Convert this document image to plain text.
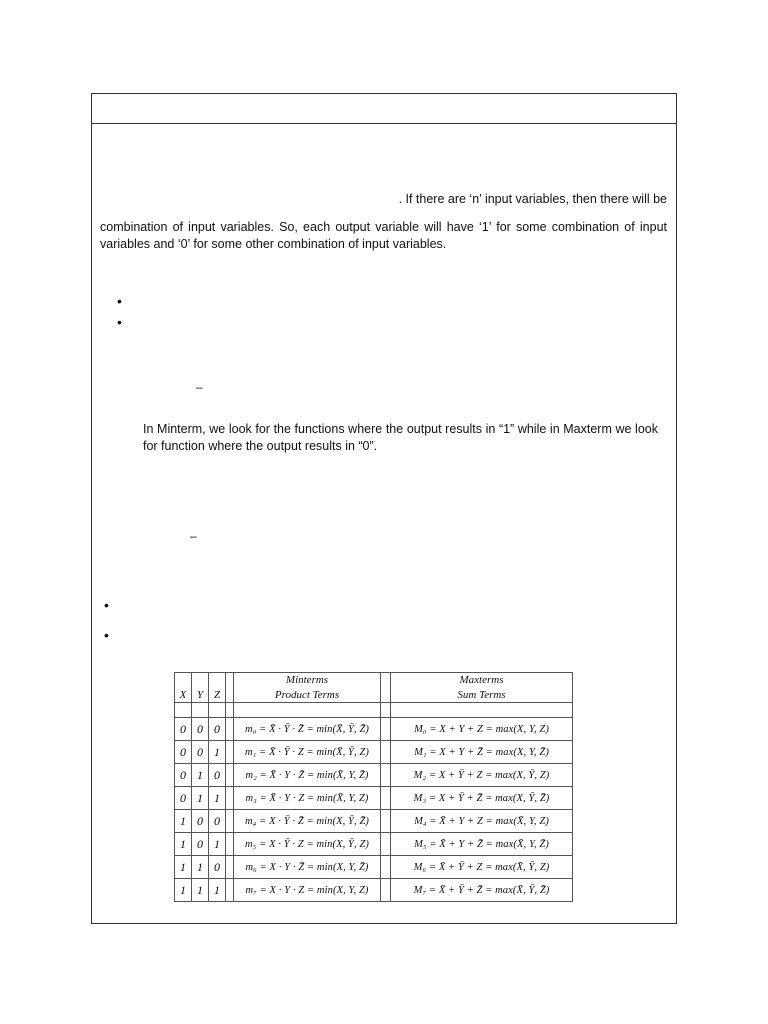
. If there are ‘n’ input variables, then there will be

combination of input variables. So, each output variable will have ‘1’ for some combination of input variables and ‘0’ for some other combination of input variables.

•
•
–

In Minterm, we look for the functions where the output results in “1” while in Maxterm we look for function where the output results in “0”.

–
•
•
				Minterms		Maxterms
X	Y	Z		Product Terms		Sum Terms

0	0	0		m₀ = X̄ · Ȳ · Z̄ = min(X̄, Ȳ, Z̄)		M₀ = X + Y + Z = max(X, Y, Z)
0	0	1		m₁ = X̄ · Ȳ · Z = min(X̄, Ȳ, Z)		M₁ = X + Y + Z̄ = max(X, Y, Z̄)
0	1	0		m₂ = X̄ · Y · Z̄ = min(X̄, Y, Z̄)		M₂ = X + Ȳ + Z = max(X, Ȳ, Z)
0	1	1		m₃ = X̄ · Y · Z = min(X̄, Y, Z)		M₃ = X + Ȳ + Z̄ = max(X, Ȳ, Z̄)
1	0	0		m₄ = X · Ȳ · Z̄ = min(X, Ȳ, Z̄)		M₄ = X̄ + Y + Z = max(X̄, Y, Z)
1	0	1		m₅ = X · Ȳ · Z = min(X, Ȳ, Z)		M₅ = X̄ + Y + Z̄ = max(X̄, Y, Z̄)
1	1	0		m₆ = X · Y · Z̄ = min(X, Y, Z̄)		M₆ = X̄ + Ȳ + Z = max(X̄, Ȳ, Z)
1	1	1		m₇ = X · Y · Z = min(X, Y, Z)		M₇ = X̄ + Ȳ + Z̄ = max(X̄, Ȳ, Z̄)
